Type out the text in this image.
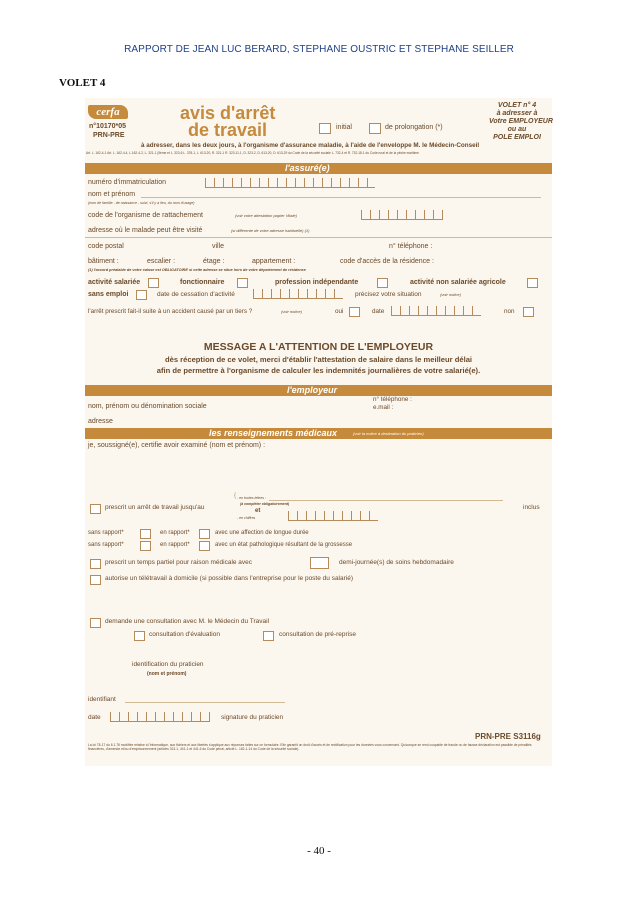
RAPPORT DE JEAN LUC BERARD, STEPHANE OUSTRIC ET STEPHANE SEILLER
VOLET 4
cerfa
n°10170*05
PRN-PRE
avis d'arrêt
de travail	initial	de prolongation (*)
VOLET n° 4
à adresser à
Votre EMPLOYEUR
ou au
POLE EMPLOI
à adresser, dans les deux jours, à l'organisme d'assurance maladie, à l'aide de l'enveloppe M. le Médecin-Conseil
Art. L. 162-4-1 Art. L. 162-4-4, L.162-4-2, L. 321-1 (5ème et L. 323-6 L. 378-1, L. 613-20, R. 321-1 R. 323-11-1, D. 323-2, D. 613-20, D. 613-29 du Code de la sécurité sociale L. 732-4 et R. 732-18-1 du Code rural et de la pêche maritime
l'assuré(e)
numéro d'immatriculation
nom et prénom
(nom de famille - de naissance - suivi, s'il y a lieu, du nom d'usage)
code de l'organisme de rattachement	(voir votre attestation papier Vitale)
adresse où le malade peut être visité	(si différente de votre adresse habituelle) (1)
code postal	ville	n° téléphone :
bâtiment :	escalier :	étage :	appartement :	code d'accès de la résidence :
(1) l'accord préalable de votre caisse est OBLIGATOIRE si cette adresse se situe hors de votre département de résidence
activité salariée	fonctionnaire	profession indépendante	activité non salariée agricole
sans emploi	date de cessation d'activité	précisez votre situation	(voir notice)
l'arrêt prescrit fait-il suite à un accident causé par un tiers ?	(voir notice)	oui	date	non
MESSAGE A L'ATTENTION DE L'EMPLOYEUR
dès réception de ce volet, merci d'établir l'attestation de salaire dans le meilleur délai
afin de permettre à l'organisme de calculer les indemnités journalières de votre salarié(e).
l'employeur
nom, prénom ou dénomination sociale
n° téléphone :
e.mail :
adresse
les renseignements médicaux	(voir la notice à destination du praticien)
je, soussigné(e), certifie avoir examiné (nom et prénom) :
prescrit un arrêt de travail jusqu'au
{ - en toutes lettres :
(à compléter obligatoirement)
et
- en chiffres
inclus
sans rapport*	en rapport*	avec une affection de longue durée
sans rapport*	en rapport*	avec un état pathologique résultant de la grossesse
prescrit un temps partiel pour raison médicale avec	demi-journée(s) de soins hebdomadaire
autorise un télétravail à domicile (si possible dans l'entreprise pour le poste du salarié)
demande une consultation avec M. le Médecin du Travail
consultation d'évaluation	consultation de pré-reprise
identification du praticien
(nom et prénom)
identifiant
date	signature du praticien
PRN-PRE S3116g
La loi 78-17 du 6.1.78 modifiée relative à l'informatique, aux fichiers et aux libertés s'applique aux réponses faites sur ce formulaire. Elle garantit un droit d'accès et de rectification pour les données vous concernant. Quiconque se rend coupable de fraude ou de fausse déclaration est passible de pénalités financières, d'amende et/ou d'emprisonnement (articles 313-1, 441-1 et 441-6 du Code pénal, article L. 162-1-14 du Code de la sécurité sociale).
- 40 -
